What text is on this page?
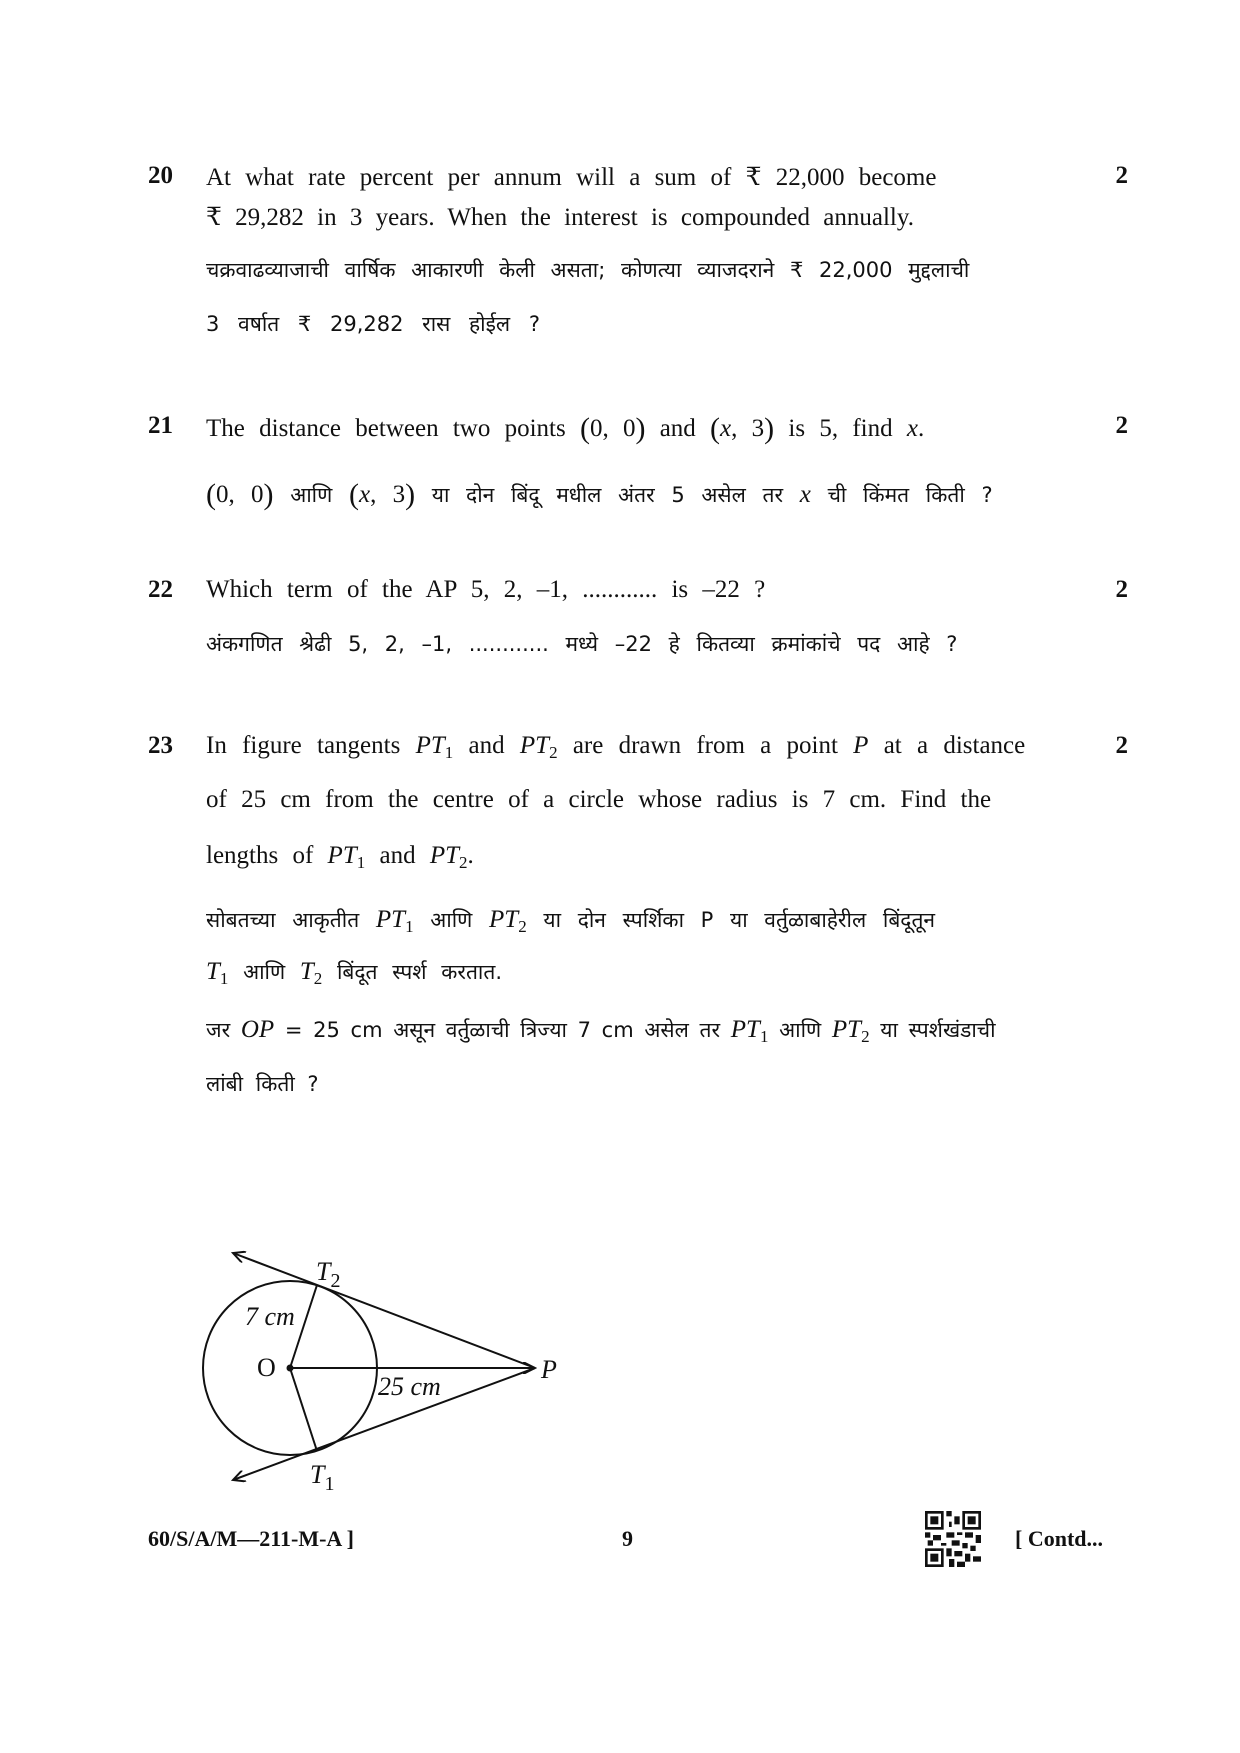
20	2
At what rate percent per annum will a sum of ₹ 22,000 become
₹ 29,282 in 3 years. When the interest is compounded annually.
चक्रवाढव्याजाची वार्षिक आकारणी केली असता; कोणत्या व्याजदराने ₹ 22,000 मुद्दलाची
3 वर्षात ₹ 29,282 रास होईल ?
21	2
The distance between two points (0, 0) and (x, 3) is 5, find x.
(0, 0) आणि (x, 3) या दोन बिंदू मधील अंतर 5 असेल तर x ची किंमत किती ?
22	2
Which term of the AP 5, 2, –1, ............ is –22 ?
अंकगणित श्रेढी 5, 2, –1, ............ मध्ये –22 हे कितव्या क्रमांकांचे पद आहे ?
23	2
In figure tangents $PT_1$ and $PT_2$ are drawn from a point P at a distance
of 25 cm from the centre of a circle whose radius is 7 cm. Find the
lengths of $PT_1$ and $PT_2$.
सोबतच्या आकृतीत $PT_1$ आणि $PT_2$ या दोन स्पर्शिका P या वर्तुळाबाहेरील बिंदूतून
$T_1$ आणि $T_2$ बिंदूत स्पर्श करतात.
जर OP = 25 cm असून वर्तुळाची त्रिज्या 7 cm असेल तर $PT_1$ आणि $PT_2$ या स्पर्शखंडाची
लांबी किती ?
$T_2$
$T_1$
O	P
7 cm
25 cm
60/S/A/M—211-M-A ]	9	[ Contd...
